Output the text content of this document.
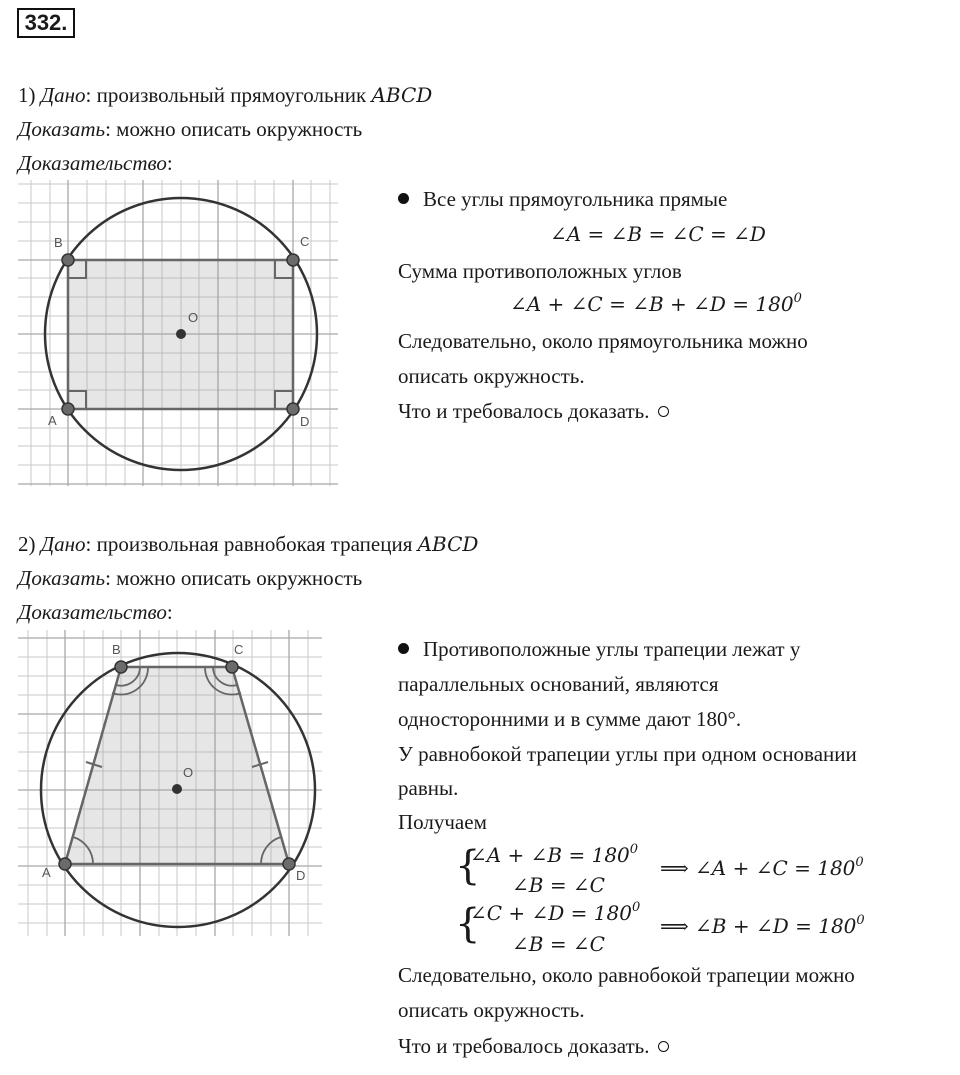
332.
1) Дано: произвольный прямоугольник ABCD
Доказать: можно описать окружность
Доказательство:
A
B	C
D
O
Все углы прямоугольника прямые
∠A = ∠B = ∠C = ∠D
Сумма противоположных углов
∠A + ∠C = ∠B + ∠D = $180^0$
Следовательно, около прямоугольника можно
описать окружность.
Что и требовалось доказать.
2) Дано: произвольная равнобокая трапеция ABCD
Доказать: можно описать окружность
Доказательство:
A
B	C
D
O
Противоположные углы трапеции лежат у
параллельных оснований, являются
односторонними и в сумме дают 180°.
У равнобокой трапеции углы при одном основании
равны.
Получаем
{
∠A + ∠B = $180^0$
∠B = ∠C
⟹ ∠A + ∠C = $180^0$
{
∠C + ∠D = $180^0$
∠B = ∠C
⟹ ∠B + ∠D = $180^0$
Следовательно, около равнобокой трапеции можно
описать окружность.
Что и требовалось доказать.
